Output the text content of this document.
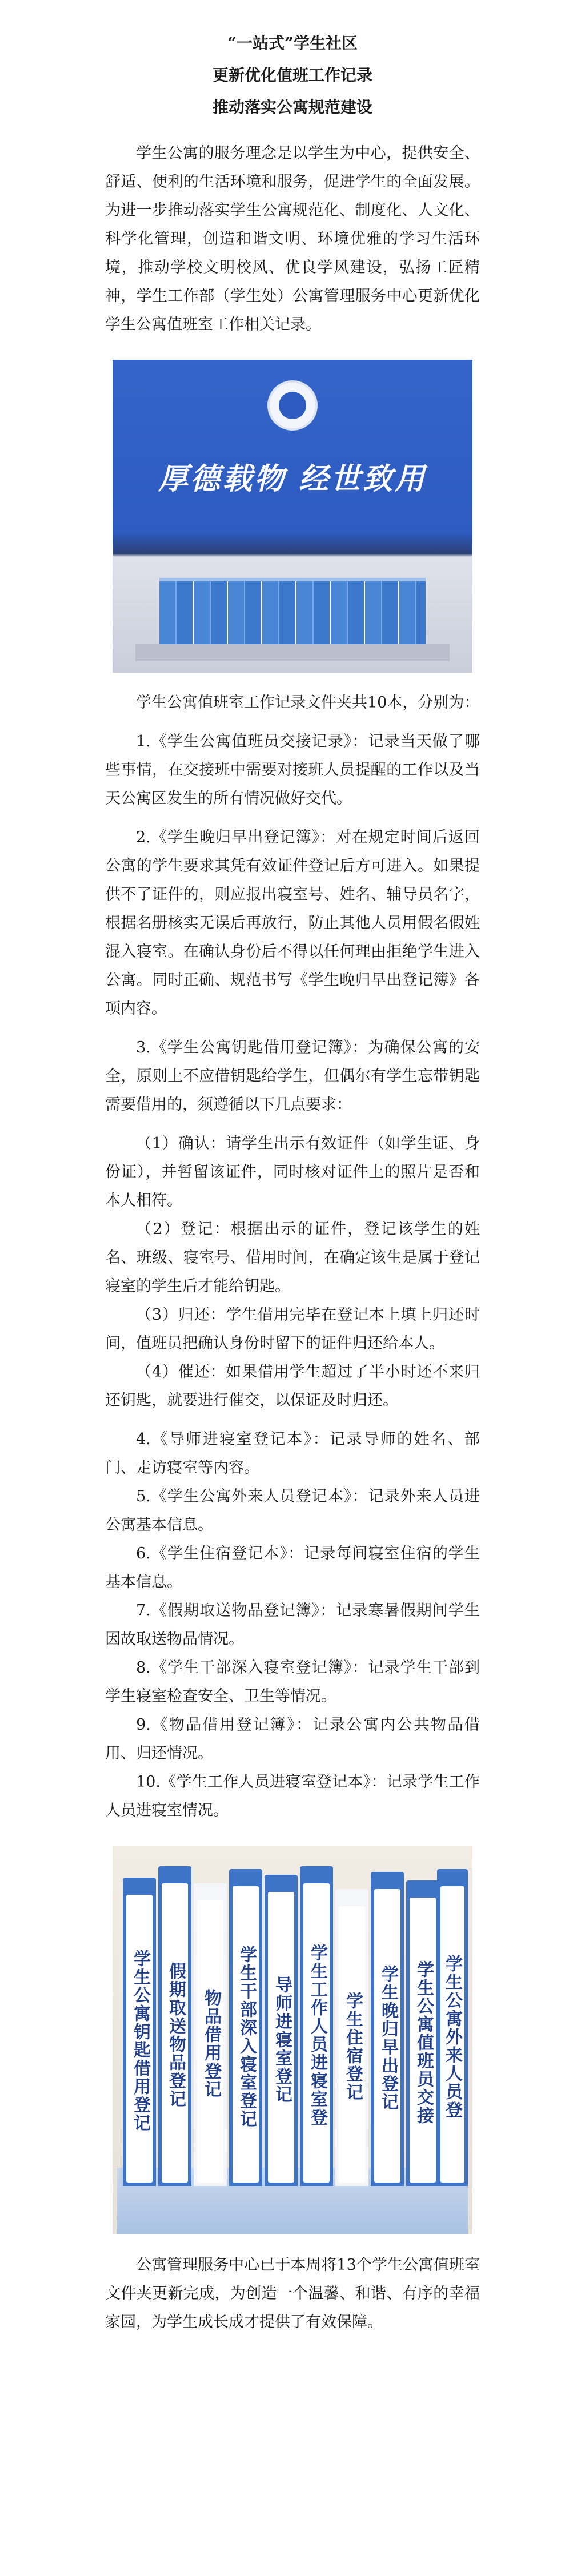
“一站式”学生社区
更新优化值班工作记录
推动落实公寓规范建设

学生公寓的服务理念是以学生为中心，提供安全、舒适、便利的生活环境和服务，促进学生的全面发展。为进一步推动落实学生公寓规范化、制度化、人文化、科学化管理，创造和谐文明、环境优雅的学习生活环境，推动学校文明校风、优良学风建设，弘扬工匠精神，学生工作部（学生处）公寓管理服务中心更新优化学生公寓值班室工作相关记录。

厚德载物 经世致用

学生公寓值班室工作记录文件夹共10本，分别为：

1.《学生公寓值班员交接记录》：记录当天做了哪些事情，在交接班中需要对接班人员提醒的工作以及当天公寓区发生的所有情况做好交代。

2.《学生晚归早出登记簿》：对在规定时间后返回公寓的学生要求其凭有效证件登记后方可进入。如果提供不了证件的，则应报出寝室号、姓名、辅导员名字，根据名册核实无误后再放行，防止其他人员用假名假姓混入寝室。在确认身份后不得以任何理由拒绝学生进入公寓。同时正确、规范书写《学生晚归早出登记簿》各项内容。

3.《学生公寓钥匙借用登记簿》：为确保公寓的安全，原则上不应借钥匙给学生，但偶尔有学生忘带钥匙需要借用的，须遵循以下几点要求：

（1）确认：请学生出示有效证件（如学生证、身份证），并暂留该证件，同时核对证件上的照片是否和本人相符。

（2）登记：根据出示的证件，登记该学生的姓名、班级、寝室号、借用时间，在确定该生是属于登记寝室的学生后才能给钥匙。

（3）归还：学生借用完毕在登记本上填上归还时间，值班员把确认身份时留下的证件归还给本人。

（4）催还：如果借用学生超过了半小时还不来归还钥匙，就要进行催交，以保证及时归还。

4.《导师进寝室登记本》：记录导师的姓名、部门、走访寝室等内容。

5.《学生公寓外来人员登记本》：记录外来人员进公寓基本信息。

6.《学生住宿登记本》：记录每间寝室住宿的学生基本信息。

7.《假期取送物品登记簿》：记录寒暑假期间学生因故取送物品情况。

8.《学生干部深入寝室登记簿》：记录学生干部到学生寝室检查安全、卫生等情况。

9.《物品借用登记簿》：记录公寓内公共物品借用、归还情况。

10.《学生工作人员进寝室登记本》：记录学生工作人员进寝室情况。

学生公寓钥匙借用登记 假期取送物品登记 物品借用登记 学生干部深入寝室登记 导师进寝室登记 学生工作人员进寝室登 学生住宿登记 学生晚归早出登记 学生公寓值班员交接 学生公寓外来人员登

公寓管理服务中心已于本周将13个学生公寓值班室文件夹更新完成，为创造一个温馨、和谐、有序的幸福家园，为学生成长成才提供了有效保障。
